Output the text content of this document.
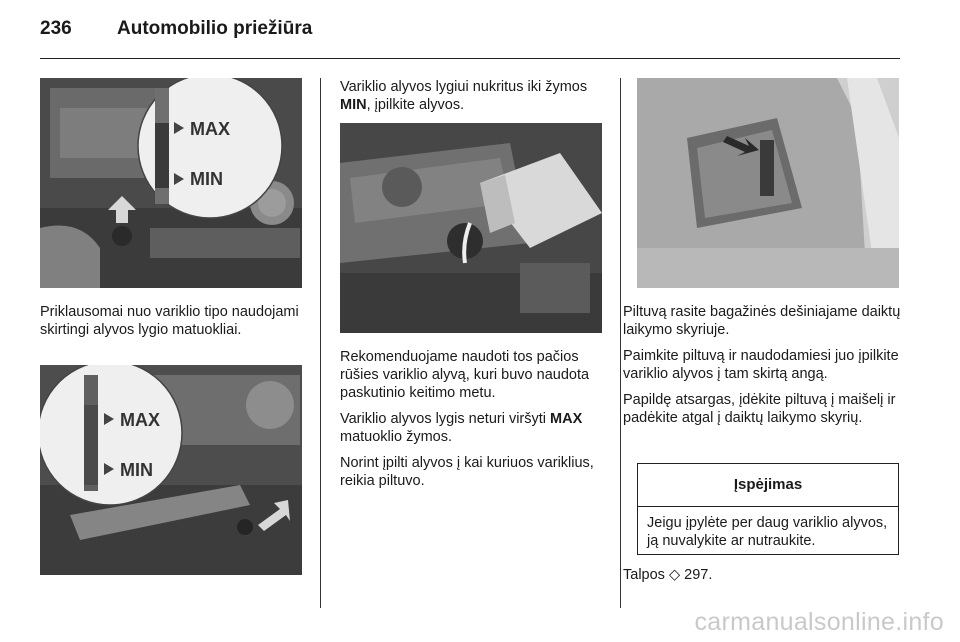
236 Automobilio priežiūra
MAX
MIN

Priklausomai nuo variklio tipo naudojami skirtingi alyvos lygio matuokliai.

MAX
MIN

Variklio alyvos lygiui nukritus iki žymos MIN, įpilkite alyvos.

Rekomenduojame naudoti tos pačios rūšies variklio alyvą, kuri buvo naudota paskutinio keitimo metu.

Variklio alyvos lygis neturi viršyti MAX matuoklio žymos.

Norint įpilti alyvos į kai kuriuos variklius, reikia piltuvo.

Piltuvą rasite bagažinės dešiniajame daiktų laikymo skyriuje.

Paimkite piltuvą ir naudodamiesi juo įpilkite variklio alyvos į tam skirtą angą.

Papildę atsargas, įdėkite piltuvą į maišelį ir padėkite atgal į daiktų laikymo skyrių.

Įspėjimas
Jeigu įpylėte per daug variklio alyvos, ją nuvalykite ar nutraukite.
Talpos ◇ 297.
carmanualsonline.info
